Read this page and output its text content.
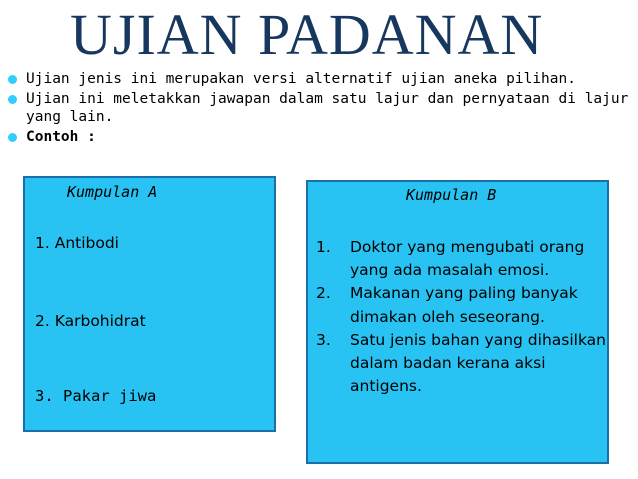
UJIAN PADANAN
Ujian jenis ini merupakan versi alternatif ujian aneka pilihan.
Ujian ini meletakkan jawapan dalam satu lajur dan pernyataan di lajur yang lain.
Contoh :
Kumpulan A
1. Antibodi
2. Karbohidrat
3. Pakar jiwa
Kumpulan B
1.	Doktor yang mengubati orang yang ada masalah emosi.
2.	Makanan yang paling banyak dimakan oleh seseorang.
3.	Satu jenis bahan yang dihasilkan dalam badan kerana aksi antigens.
